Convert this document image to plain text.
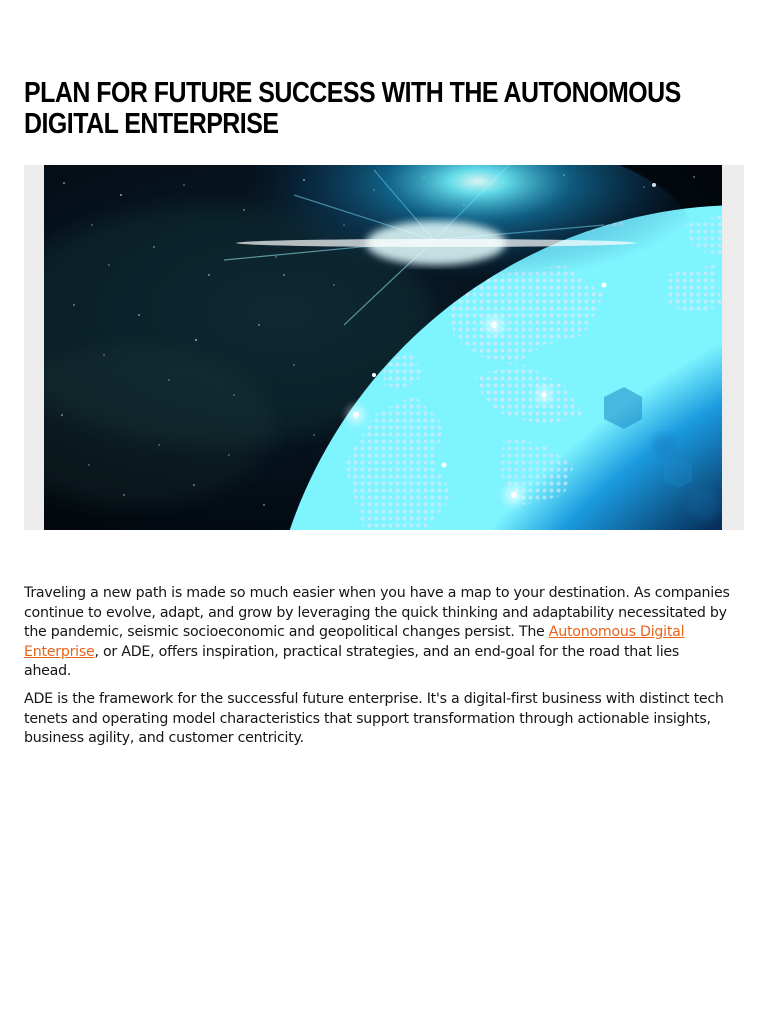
PLAN FOR FUTURE SUCCESS WITH THE AUTONOMOUS DIGITAL ENTERPRISE

Traveling a new path is made so much easier when you have a map to your destination. As companies continue to evolve, adapt, and grow by leveraging the quick thinking and adaptability necessitated by the pandemic, seismic socioeconomic and geopolitical changes persist. The Autonomous Digital Enterprise, or ADE, offers inspiration, practical strategies, and an end-goal for the road that lies ahead.

ADE is the framework for the successful future enterprise. It's a digital-first business with distinct tech tenets and operating model characteristics that support transformation through actionable insights, business agility, and customer centricity.
